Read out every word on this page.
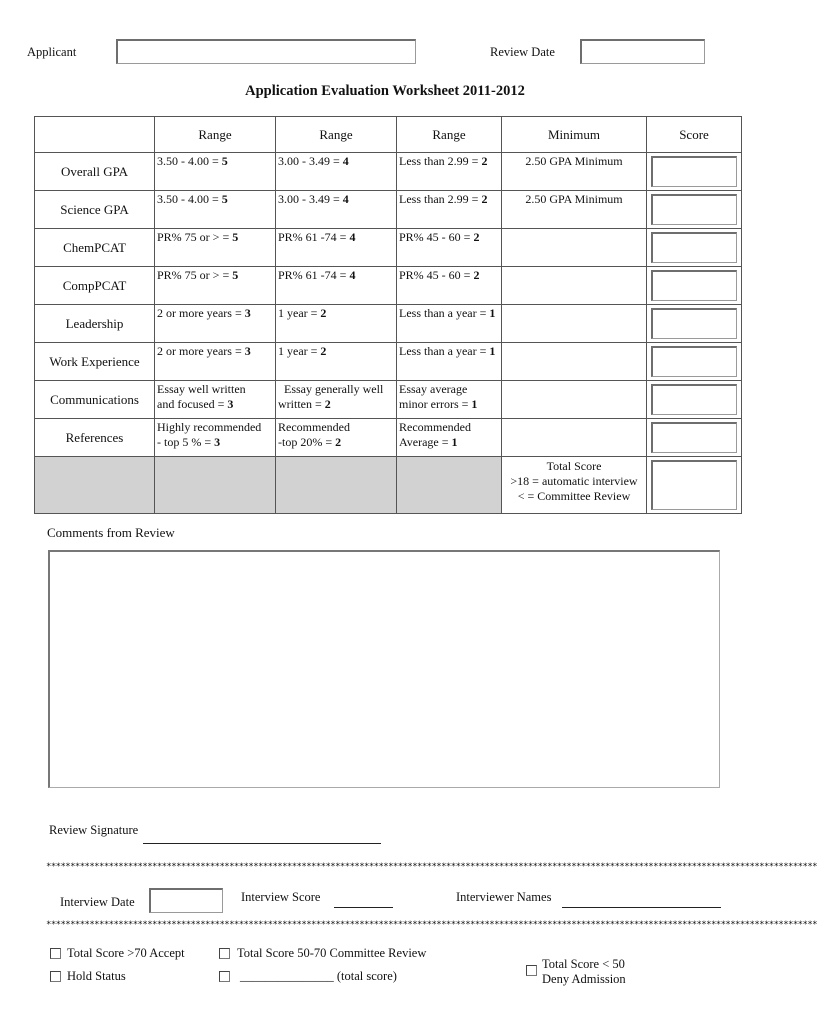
Applicant	Review Date
Application Evaluation Worksheet 2011-2012
	Range	Range	Range	Minimum	Score
Overall GPA	3.50 - 4.00 = 5	3.00 - 3.49 = 4	Less than 2.99 = 2	2.50 GPA Minimum	

Science GPA	3.50 - 4.00 = 5	3.00 - 3.49 = 4	Less than 2.99 = 2	2.50 GPA Minimum	

ChemPCAT	PR% 75 or > = 5	PR% 61 -74 = 4	PR% 45 - 60 = 2		

CompPCAT	PR% 75 or > = 5	PR% 61 -74 = 4	PR% 45 - 60 = 2		

Leadership	2 or more years = 3	1 year = 2	Less than a year = 1		

Work Experience	2 or more years = 3	1 year = 2	Less than a year = 1		

Communications	Essay well written
and focused = 3	Essay generally well
written = 2	Essay average
minor errors = 1		

References	Highly recommended
- top 5 % = 3	Recommended
-top 20% = 2	Recommended
Average = 1		

				Total Score
>18 = automatic interview
< = Committee Review	

Comments from Review
Review Signature
****************************************************************************************************************************************************************
Interview Date	Interview Score	Interviewer Names
****************************************************************************************************************************************************************
Total Score >70 Accept	Total Score 50-70 Committee Review
Total Score < 50
Deny Admission
Hold Status	_______________ (total score)
